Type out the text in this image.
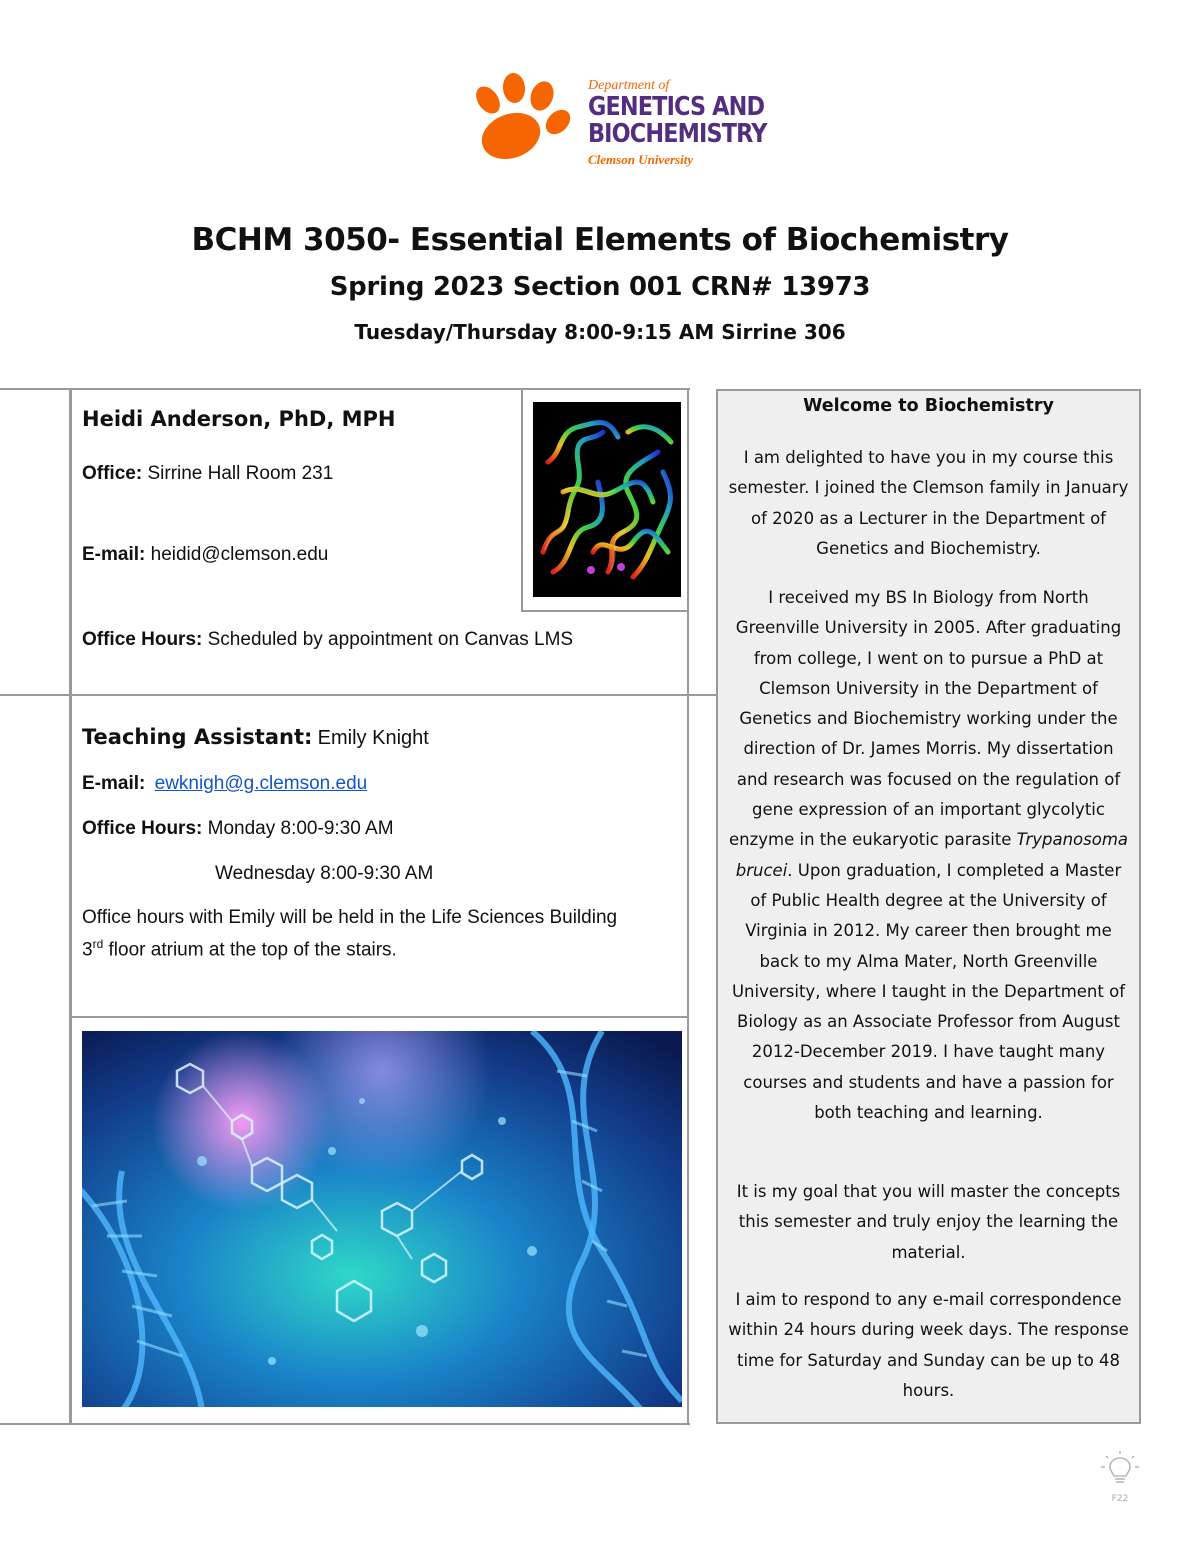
Department of
GENETICS AND
BIOCHEMISTRY
Clemson University
BCHM 3050- Essential Elements of Biochemistry
Spring 2023 Section 001 CRN# 13973
Tuesday/Thursday 8:00-9:15 AM Sirrine 306
Heidi Anderson, PhD, MPH
Office: Sirrine Hall Room 231
E-mail: heidid@clemson.edu
Office Hours: Scheduled by appointment on Canvas LMS
Teaching Assistant: Emily Knight
E-mail: ewknigh@g.clemson.edu
Office Hours: Monday 8:00-9:30 AM
Wednesday 8:00-9:30 AM
Office hours with Emily will be held in the Life Sciences Building
3rd floor atrium at the top of the stairs.
Welcome to Biochemistry
I am delighted to have you in my course this semester. I joined the Clemson family in January of 2020 as a Lecturer in the Department of Genetics and Biochemistry.
I received my BS In Biology from North Greenville University in 2005. After graduating from college, I went on to pursue a PhD at Clemson University in the Department of Genetics and Biochemistry working under the direction of Dr. James Morris. My dissertation and research was focused on the regulation of gene expression of an important glycolytic enzyme in the eukaryotic parasite Trypanosoma brucei. Upon graduation, I completed a Master of Public Health degree at the University of Virginia in 2012. My career then brought me back to my Alma Mater, North Greenville University, where I taught in the Department of Biology as an Associate Professor from August 2012-December 2019. I have taught many courses and students and have a passion for both teaching and learning.
It is my goal that you will master the concepts this semester and truly enjoy the learning the material.
I aim to respond to any e-mail correspondence within 24 hours during week days. The response time for Saturday and Sunday can be up to 48 hours.
F22
